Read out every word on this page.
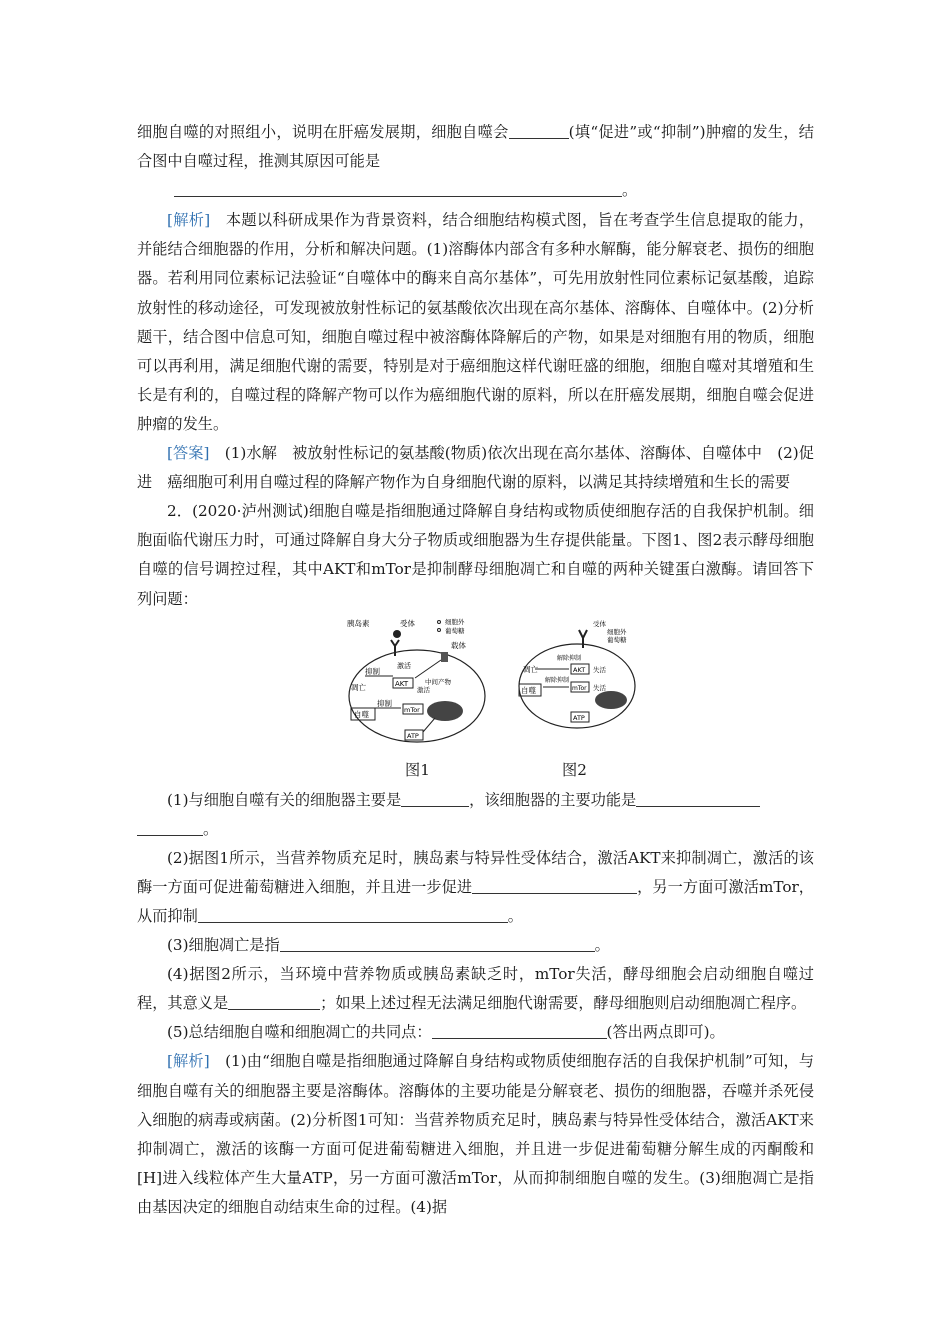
细胞自噬的对照组小，说明在肝癌发展期，细胞自噬会	(填“促进”或“抑制”)肿瘤的发生，结合图中自噬过程，推测其原因可能是

。

[解析]　 本题以科研成果作为背景资料，结合细胞结构模式图，旨在考查学生信息提取的能力，并能结合细胞器的作用，分析和解决问题。(1)溶酶体内部含有多种水解酶，能分解衰老、损伤的细胞器。若利用同位素标记法验证“自噬体中的酶来自高尔基体”，可先用放射性同位素标记氨基酸，追踪放射性的移动途径，可发现被放射性标记的氨基酸依次出现在高尔基体、溶酶体、自噬体中。(2)分析题干，结合图中信息可知，细胞自噬过程中被溶酶体降解后的产物，如果是对细胞有用的物质，细胞可以再利用，满足细胞代谢的需要，特别是对于癌细胞这样代谢旺盛的细胞，细胞自噬对其增殖和生长是有利的，自噬过程的降解产物可以作为癌细胞代谢的原料，所以在肝癌发展期，细胞自噬会促进肿瘤的发生。

[答案]　 (1)水解　被放射性标记的氨基酸(物质)依次出现在高尔基体、溶酶体、自噬体中　(2)促进　癌细胞可利用自噬过程的降解产物作为自身细胞代谢的原料，以满足其持续增殖和生长的需要

2．(2020·泸州测试)细胞自噬是指细胞通过降解自身结构或物质使细胞存活的自我保护机制。细胞面临代谢压力时，可通过降解自身大分子物质或细胞器为生存提供能量。下图1、图2表示酵母细胞自噬的信号调控过程，其中AKT和mTor是抑制酵母细胞凋亡和自噬的两种关键蛋白激酶。请回答下列问题：

胰岛素	受体	细胞外
葡萄糖
载体
激活
抑制
凋亡	AKT
激活
中间产物
抑制
自噬	mTor
ATP
受体
细胞外
葡萄糖
解除抑制
凋亡	AKT 失活
解除抑制
自噬	mTor 失活
ATP
图1	图2

(1)与细胞自噬有关的细胞器主要是	，该细胞器的主要功能是
。

(2)据图1所示，当营养物质充足时，胰岛素与特异性受体结合，激活AKT来抑制凋亡，激活的该酶一方面可促进葡萄糖进入细胞，并且进一步促进	，另一方面可激活mTor，从而抑制	。

(3)细胞凋亡是指	。

(4)据图2所示，当环境中营养物质或胰岛素缺乏时，mTor失活，酵母细胞会启动细胞自噬过程，其意义是	；如果上述过程无法满足细胞代谢需要，酵母细胞则启动细胞凋亡程序。

(5)总结细胞自噬和细胞凋亡的共同点：	(答出两点即可)。

[解析]　 (1)由“细胞自噬是指细胞通过降解自身结构或物质使细胞存活的自我保护机制”可知，与细胞自噬有关的细胞器主要是溶酶体。溶酶体的主要功能是分解衰老、损伤的细胞器，吞噬并杀死侵入细胞的病毒或病菌。(2)分析图1可知：当营养物质充足时，胰岛素与特异性受体结合，激活AKT来抑制凋亡，激活的该酶一方面可促进葡萄糖进入细胞，并且进一步促进葡萄糖分解生成的丙酮酸和[H]进入线粒体产生大量ATP，另一方面可激活mTor，从而抑制细胞自噬的发生。(3)细胞凋亡是指由基因决定的细胞自动结束生命的过程。(4)据
